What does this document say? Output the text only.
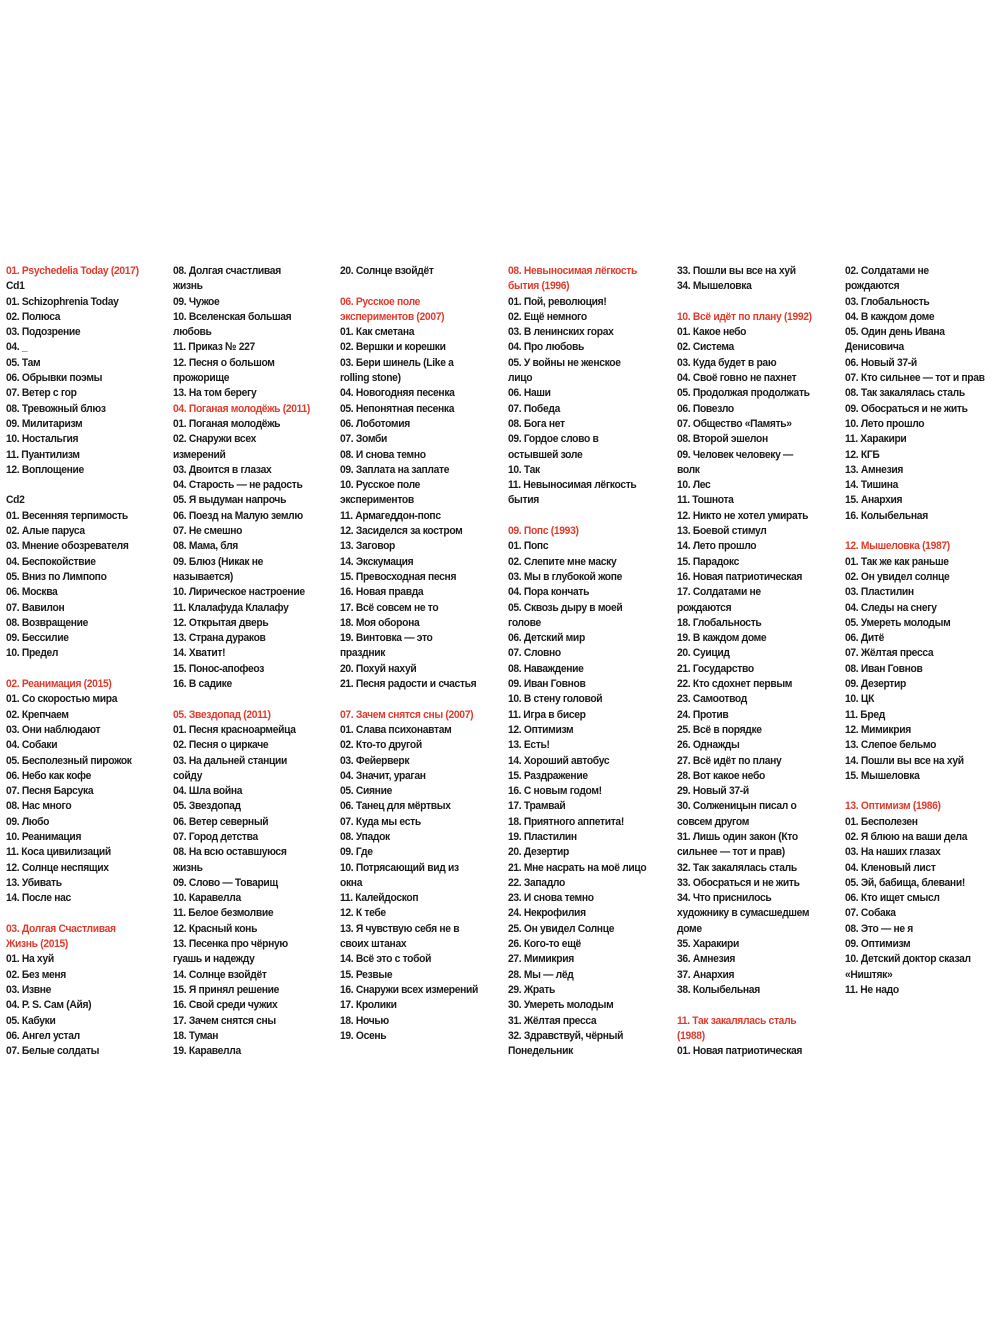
01. Psychedelia Today (2017)
Cd1
01. Schizophrenia Today
02. Полюса
03. Подозрение
04. _
05. Там
06. Обрывки поэмы
07. Ветер с гор
08. Тревожный блюз
09. Милитаризм
10. Ностальгия
11. Пуантилизм
12. Воплощение
Cd2
01. Весенняя терпимость
02. Алые паруса
03. Мнение обозревателя
04. Беспокойствие
05. Вниз по Лимпопо
06. Москва
07. Вавилон
08. Возвращение
09. Бессилие
10. Предел
02. Реанимация (2015)
01. Со скоростью мира
02. Крепчаем
03. Они наблюдают
04. Собаки
05. Бесполезный пирожок
06. Небо как кофе
07. Песня Барсука
08. Нас много
09. Любо
10. Реанимация
11. Коса цивилизаций
12. Солнце неспящих
13. Убивать
14. После нас
03. Долгая Счастливая
Жизнь (2015)
01. На хуй
02. Без меня
03. Извне
04. P. S. Сам (Айя)
05. Кабуки
06. Ангел устал
07. Белые солдаты
08. Долгая счастливая
жизнь
09. Чужое
10. Вселенская большая
любовь
11. Приказ № 227
12. Песня о большом
прожорище
13. На том берегу
04. Поганая молодёжь (2011)
01. Поганая молодёжь
02. Снаружи всех
измерений
03. Двоится в глазах
04. Старость — не радость
05. Я выдуман напрочь
06. Поезд на Малую землю
07. Не смешно
08. Мама, бля
09. Блюз (Никак не
называется)
10. Лирическое настроение
11. Клалафуда Клалафу
12. Открытая дверь
13. Страна дураков
14. Хватит!
15. Понос-апофеоз
16. В садике
05. Звездопад (2011)
01. Песня красноармейца
02. Песня о циркаче
03. На дальней станции
сойду
04. Шла война
05. Звездопад
06. Ветер северный
07. Город детства
08. На всю оставшуюся
жизнь
09. Слово — Товарищ
10. Каравелла
11. Белое безмолвие
12. Красный конь
13. Песенка про чёрную
гуашь и надежду
14. Солнце взойдёт
15. Я принял решение
16. Свой среди чужих
17. Зачем снятся сны
18. Туман
19. Каравелла
20. Солнце взойдёт
06. Русское поле
экспериментов (2007)
01. Как сметана
02. Вершки и корешки
03. Бери шинель (Like a
rolling stone)
04. Новогодняя песенка
05. Непонятная песенка
06. Лоботомия
07. Зомби
08. И снова темно
09. Заплата на заплате
10. Русское поле
экспериментов
11. Армагеддон-попс
12. Засиделся за костром
13. Заговор
14. Экскумация
15. Превосходная песня
16. Новая правда
17. Всё совсем не то
18. Моя оборона
19. Винтовка — это
праздник
20. Похуй нахуй
21. Песня радости и счастья
07. Зачем снятся сны (2007)
01. Слава психонавтам
02. Кто-то другой
03. Фейерверк
04. Значит, ураган
05. Сияние
06. Танец для мёртвых
07. Куда мы есть
08. Упадок
09. Где
10. Потрясающий вид из
окна
11. Калейдоскоп
12. К тебе
13. Я чувствую себя не в
своих штанах
14. Всё это с тобой
15. Резвые
16. Снаружи всех измерений
17. Кролики
18. Ночью
19. Осень
08. Невыносимая лёгкость
бытия (1996)
01. Пой, революция!
02. Ещё немного
03. В ленинских горах
04. Про любовь
05. У войны не женское
лицо
06. Наши
07. Победа
08. Бога нет
09. Гордое слово в
остывшей золе
10. Так
11. Невыносимая лёгкость
бытия
09. Попс (1993)
01. Попс
02. Слепите мне маску
03. Мы в глубокой жопе
04. Пора кончать
05. Сквозь дыру в моей
голове
06. Детский мир
07. Словно
08. Наваждение
09. Иван Говнов
10. В стену головой
11. Игра в бисер
12. Оптимизм
13. Есть!
14. Хороший автобус
15. Раздражение
16. С новым годом!
17. Трамвай
18. Приятного аппетита!
19. Пластилин
20. Дезертир
21. Мне насрать на моё лицо
22. Западло
23. И снова темно
24. Некрофилия
25. Он увидел Солнце
26. Кого-то ещё
27. Мимикрия
28. Мы — лёд
29. Жрать
30. Умереть молодым
31. Жёлтая пресса
32. Здравствуй, чёрный
Понедельник
33. Пошли вы все на хуй
34. Мышеловка
10. Всё идёт по плану (1992)
01. Какое небо
02. Система
03. Куда будет в раю
04. Своё говно не пахнет
05. Продолжая продолжать
06. Повезло
07. Общество «Память»
08. Второй эшелон
09. Человек человеку —
волк
10. Лес
11. Тошнота
12. Никто не хотел умирать
13. Боевой стимул
14. Лето прошло
15. Парадокс
16. Новая патриотическая
17. Солдатами не
рождаются
18. Глобальность
19. В каждом доме
20. Суицид
21. Государство
22. Кто сдохнет первым
23. Самоотвод
24. Против
25. Всё в порядке
26. Однажды
27. Всё идёт по плану
28. Вот какое небо
29. Новый 37-й
30. Солженицын писал о
совсем другом
31. Лишь один закон (Кто
сильнее — тот и прав)
32. Так закалялась сталь
33. Обосраться и не жить
34. Что приснилось
художнику в сумасшедшем
доме
35. Харакири
36. Амнезия
37. Анархия
38. Колыбельная
11. Так закалялась сталь
(1988)
01. Новая патриотическая
02. Солдатами не
рождаются
03. Глобальность
04. В каждом доме
05. Один день Ивана
Денисовича
06. Новый 37-й
07. Кто сильнее — тот и прав
08. Так закалялась сталь
09. Обосраться и не жить
10. Лето прошло
11. Харакири
12. КГБ
13. Амнезия
14. Тишина
15. Анархия
16. Колыбельная
12. Мышеловка (1987)
01. Так же как раньше
02. Он увидел солнце
03. Пластилин
04. Следы на снегу
05. Умереть молодым
06. Дитё
07. Жёлтая пресса
08. Иван Говнов
09. Дезертир
10. ЦК
11. Бред
12. Мимикрия
13. Слепое бельмо
14. Пошли вы все на хуй
15. Мышеловка
13. Оптимизм (1986)
01. Бесполезен
02. Я блюю на ваши дела
03. На наших глазах
04. Кленовый лист
05. Эй, бабища, блевани!
06. Кто ищет смысл
07. Собака
08. Это — не я
09. Оптимизм
10. Детский доктор сказал
«Ништяк»
11. Не надо
